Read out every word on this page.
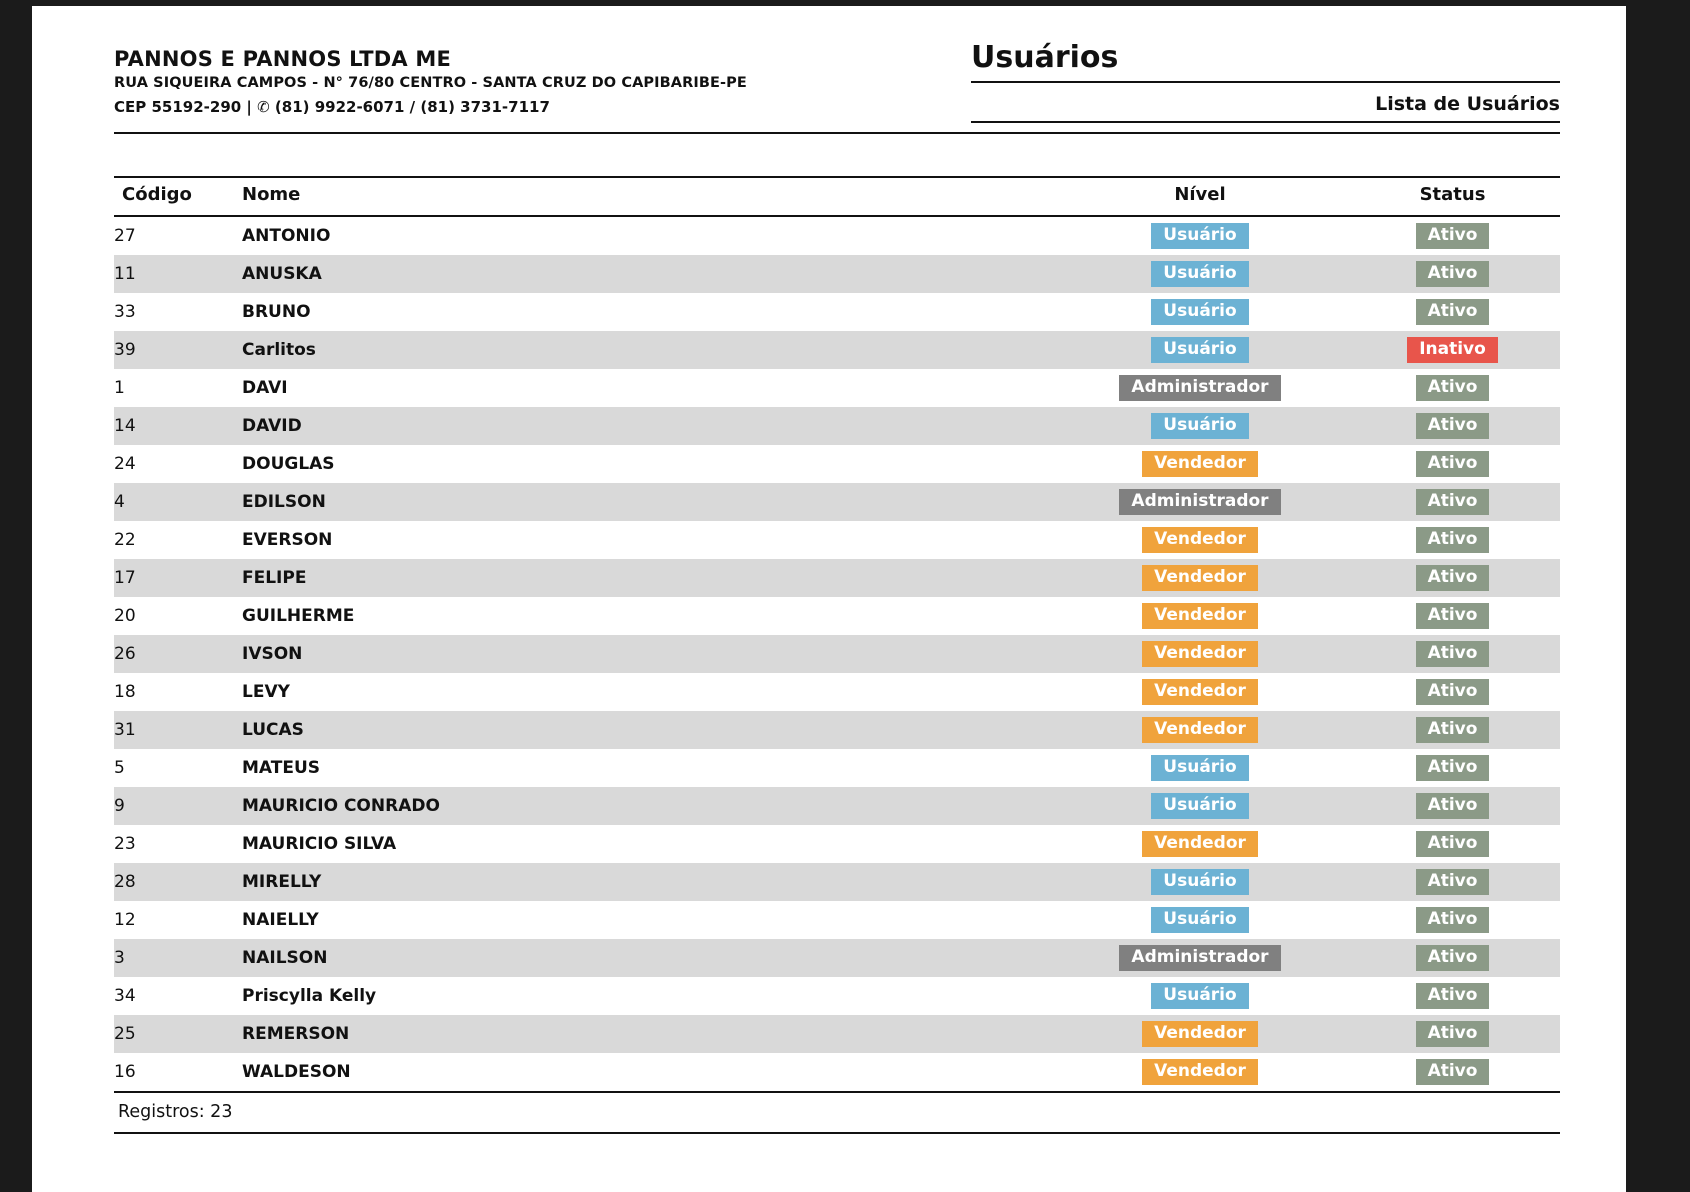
PANNOS E PANNOS LTDA ME
RUA SIQUEIRA CAMPOS - N° 76/80 CENTRO - SANTA CRUZ DO CAPIBARIBE-PE
CEP 55192-290 | ✆ (81) 9922-6071 / (81) 3731-7117
Usuários
Lista de Usuários
Código	Nome	Nível	Status
27	ANTONIO	Usuário	Ativo
11	ANUSKA	Usuário	Ativo
33	BRUNO	Usuário	Ativo
39	Carlitos	Usuário	Inativo
1	DAVI	Administrador	Ativo
14	DAVID	Usuário	Ativo
24	DOUGLAS	Vendedor	Ativo
4	EDILSON	Administrador	Ativo
22	EVERSON	Vendedor	Ativo
17	FELIPE	Vendedor	Ativo
20	GUILHERME	Vendedor	Ativo
26	IVSON	Vendedor	Ativo
18	LEVY	Vendedor	Ativo
31	LUCAS	Vendedor	Ativo
5	MATEUS	Usuário	Ativo
9	MAURICIO CONRADO	Usuário	Ativo
23	MAURICIO SILVA	Vendedor	Ativo
28	MIRELLY	Usuário	Ativo
12	NAIELLY	Usuário	Ativo
3	NAILSON	Administrador	Ativo
34	Priscylla Kelly	Usuário	Ativo
25	REMERSON	Vendedor	Ativo
16	WALDESON	Vendedor	Ativo
Registros: 23
